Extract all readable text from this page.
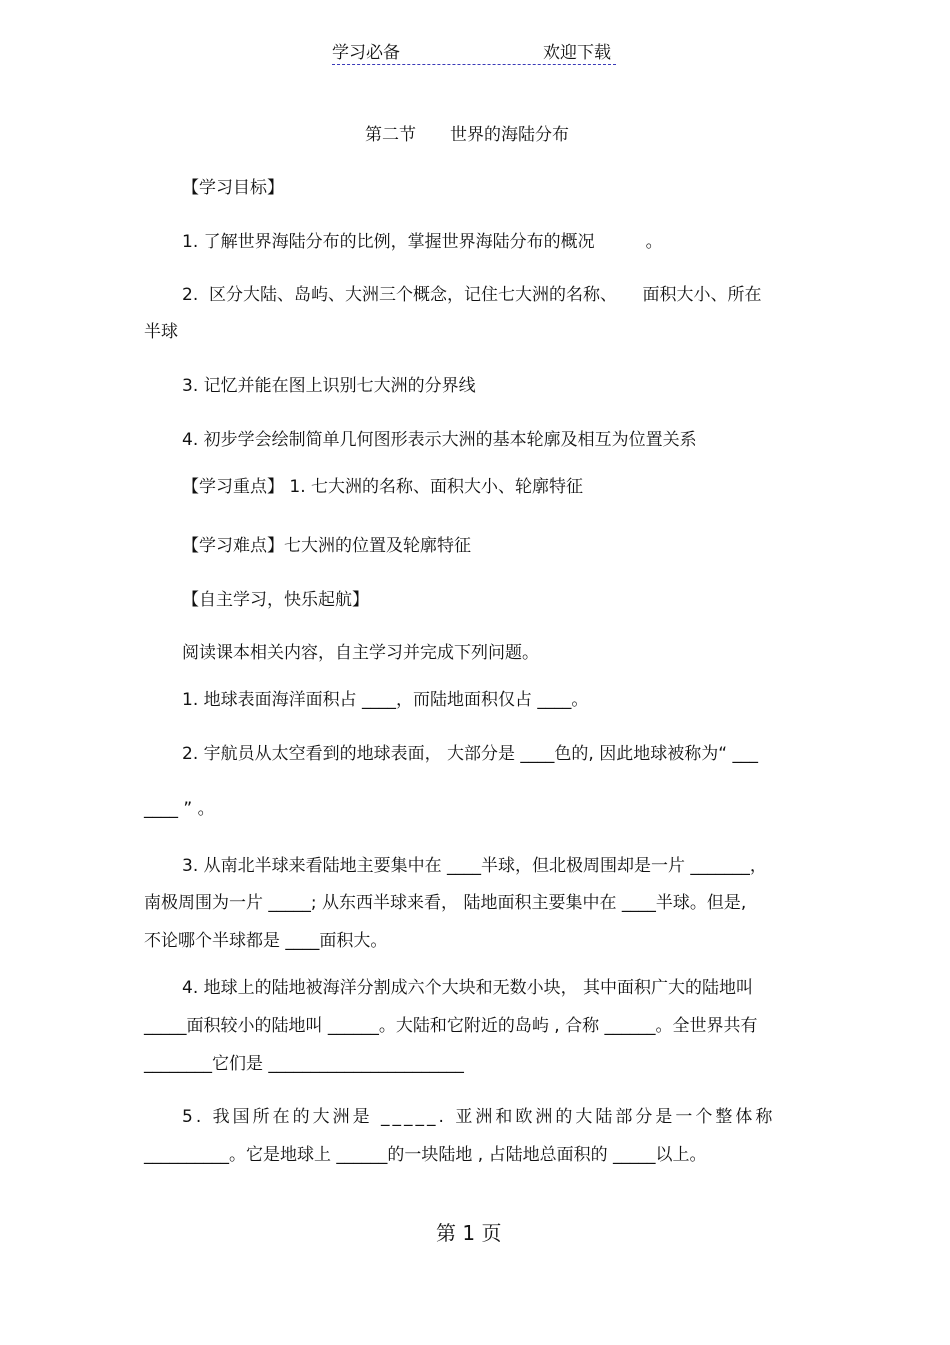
学习必备	欢迎下载
第二节　　世界的海陆分布
【学习目标】
1. 了解世界海陆分布的比例，掌握世界海陆分布的概况　　　。
2.  区分大陆、岛屿、大洲三个概念，记住七大洲的名称、　　面积大小、所在
半球
3. 记忆并能在图上识别七大洲的分界线
4. 初步学会绘制简单几何图形表示大洲的基本轮廓及相互为位置关系
【学习重点】 1. 七大洲的名称、面积大小、轮廓特征
【学习难点】七大洲的位置及轮廓特征
【自主学习，快乐起航】
阅读课本相关内容，自主学习并完成下列问题。
1. 地球表面海洋面积占 ____，而陆地面积仅占 ____。
2. 宇航员从太空看到的地球表面， 大部分是 ____色的, 因此地球被称为“ ___
____ ” 。
3. 从南北半球来看陆地主要集中在 ____半球，但北极周围却是一片 _______，
南极周围为一片 _____; 从东西半球来看， 陆地面积主要集中在 ____半球。但是,
不论哪个半球都是 ____面积大。
4. 地球上的陆地被海洋分割成六个大块和无数小块， 其中面积广大的陆地叫
_____面积较小的陆地叫 ______。大陆和它附近的岛屿 , 合称 ______。全世界共有
________它们是 _______________________
5. 我国所在的大洲是 _____. 亚洲和欧洲的大陆部分是一个整体称
__________。它是地球上 ______的一块陆地 , 占陆地总面积的 _____以上。
第 1 页
